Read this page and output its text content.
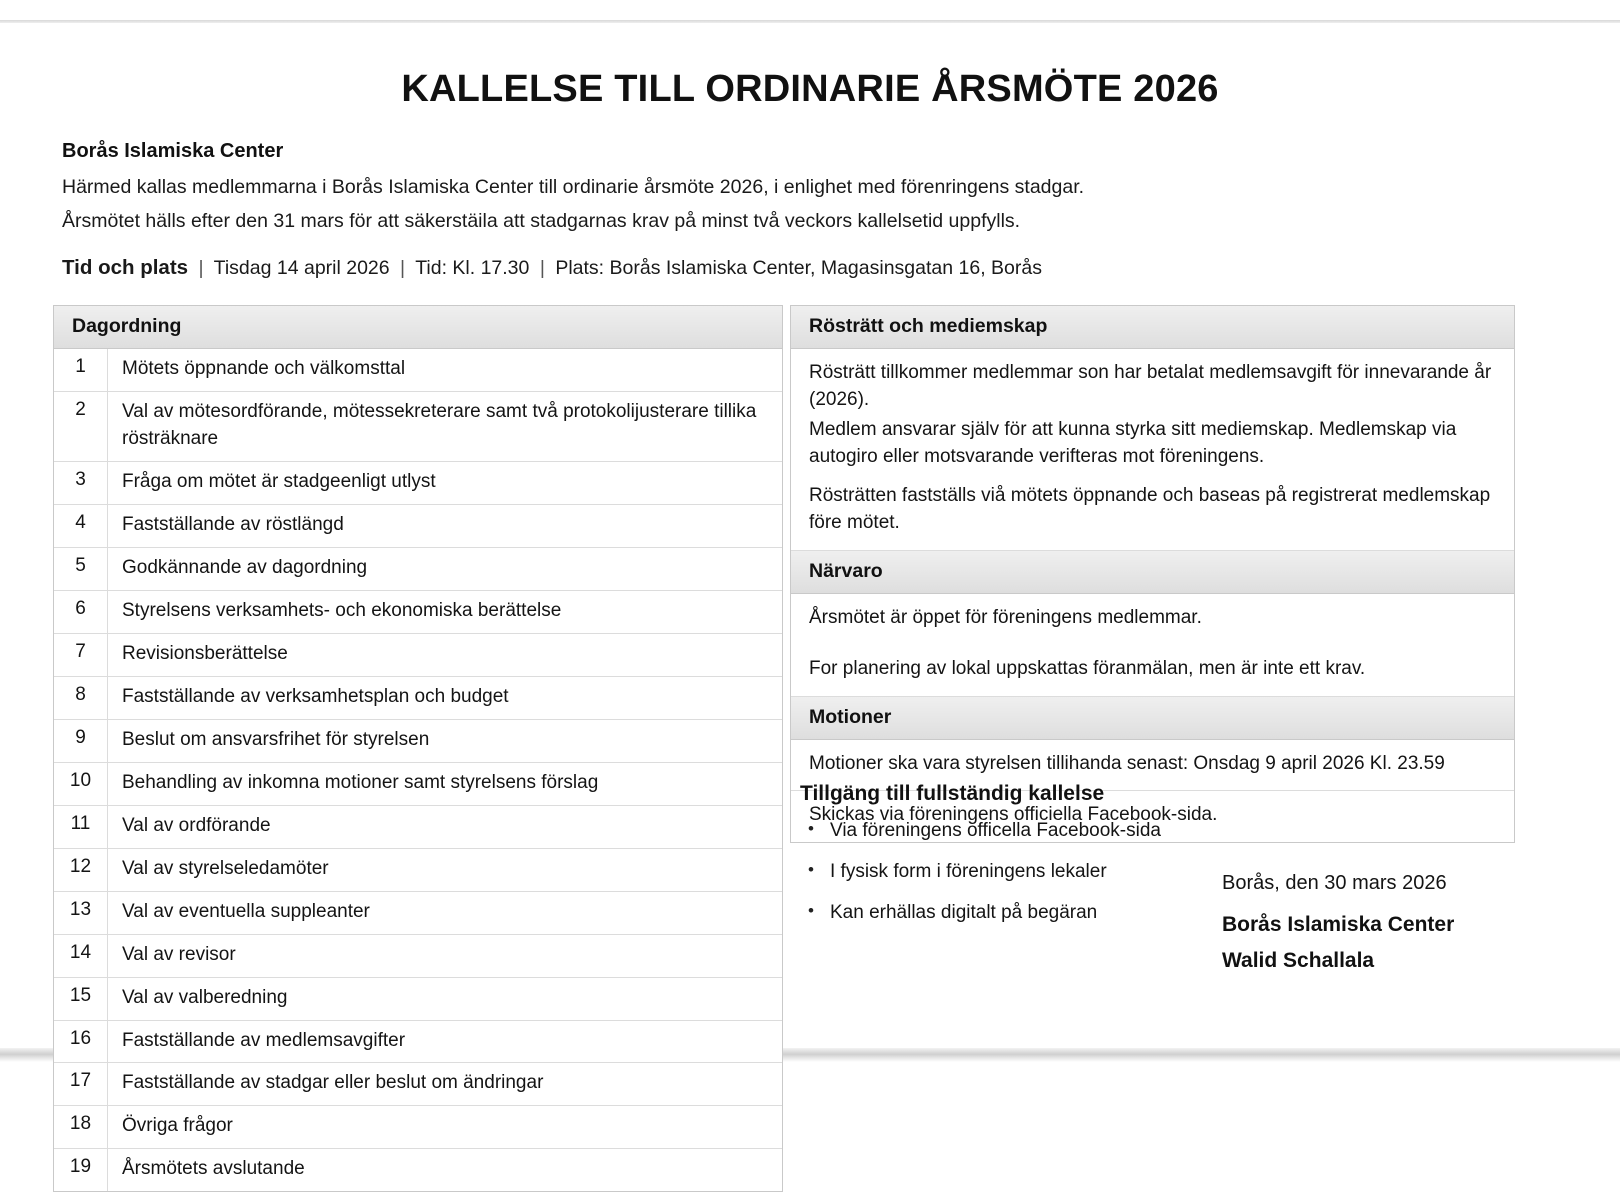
KALLELSE TILL ORDINARIE ÅRSMÖTE 2026
Borås Islamiska Center
Härmed kallas medlemmarna i Borås Islamiska Center till ordinarie årsmöte 2026, i enlighet med förenringens stadgar.
Årsmötet hälls efter den 31 mars för att säkerstäila att stadgarnas krav på minst två veckors kallelsetid uppfylls.
Tid och plats | Tisdag 14 april 2026 | Tid: Kl. 17.30 | Plats: Borås Islamiska Center, Magasinsgatan 16, Borås
Dagordning
1	Mötets öppnande och välkomsttal
2	Val av mötesordförande, mötessekreterare samt två protokolijusterare tillika rösträknare
3	Fråga om mötet är stadgeenligt utlyst
4	Fastställande av röstlängd
5	Godkännande av dagordning
6	Styrelsens verksamhets- och ekonomiska berättelse
7	Revisionsberättelse
8	Fastställande av verksamhetsplan och budget
9	Beslut om ansvarsfrihet för styrelsen
10	Behandling av inkomna motioner samt styrelsens förslag
11	Val av ordförande
12	Val av styrelseledamöter
13	Val av eventuella suppleanter
14	Val av revisor
15	Val av valberedning
16	Fastställande av medlemsavgifter
17	Fastställande av stadgar eller beslut om ändringar
18	Övriga frågor
19	Årsmötets avslutande
Rösträtt och mediemskap

Rösträtt tillkommer medlemmar son har betalat medlemsavgift för innevarande år (2026).

Medlem ansvarar själv för att kunna styrka sitt mediemskap. Medlemskap via autogiro eller motsvarande verifteras mot föreningens.

Rösträtten fastställs viå mötets öppnande och baseas på registrerat medlemskap före mötet.

Närvaro

Årsmötet är öppet för föreningens medlemmar.

For planering av lokal uppskattas föranmälan, men är inte ett krav.

Motioner

Motioner ska vara styrelsen tillihanda senast: Onsdag 9 april 2026 Kl. 23.59

Skickas via föreningens officiella Facebook-sida.

Tillgäng till fullständig kallelse
• Via föreningens officella Facebook-sida
• I fysisk form i föreningens lekaler
• Kan erhällas digitalt på begäran
Borås, den 30 mars 2026
Borås Islamiska Center
Walid Schallala
